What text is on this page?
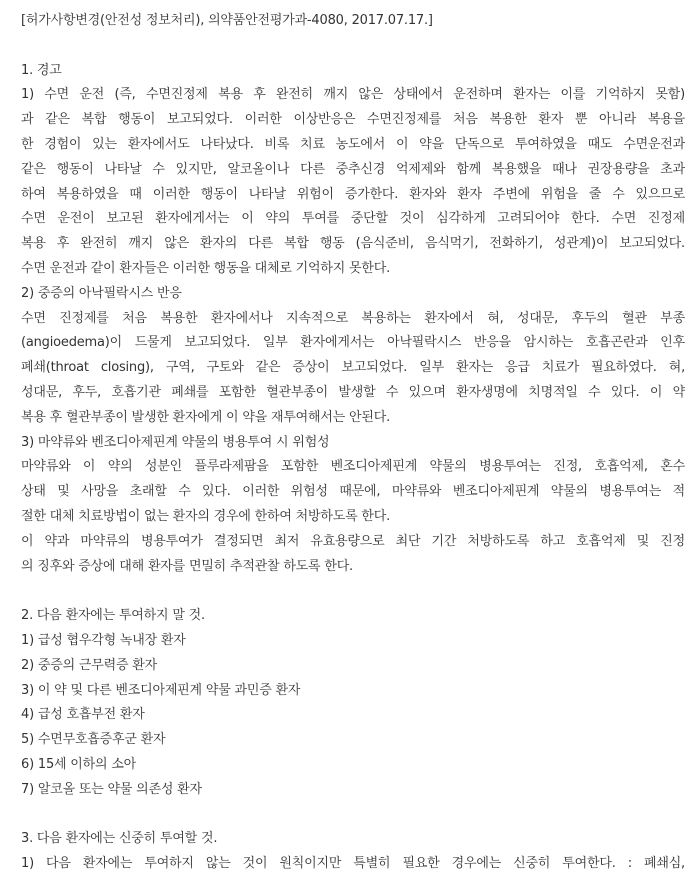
[허가사항변경(안전성 정보처리), 의약품안전평가과-4080, 2017.07.17.]
1. 경고
1) 수면 운전 (즉, 수면진정제 복용 후 완전히 깨지 않은 상태에서 운전하며 환자는 이를 기억하지 못함)
과 같은 복합 행동이 보고되었다. 이러한 이상반응은 수면진정제를 처음 복용한 환자 뿐 아니라 복용을
한 경험이 있는 환자에서도 나타났다. 비록 치료 농도에서 이 약을 단독으로 투여하였을 때도 수면운전과
같은 행동이 나타날 수 있지만, 알코올이나 다른 중추신경 억제제와 함께 복용했을 때나 권장용량을 초과
하여 복용하였을 때 이러한 행동이 나타날 위험이 증가한다. 환자와 환자 주변에 위험을 줄 수 있으므로
수면 운전이 보고된 환자에게서는 이 약의 투여를 중단할 것이 심각하게 고려되어야 한다. 수면 진정제
복용 후 완전히 깨지 않은 환자의 다른 복합 행동 (음식준비, 음식먹기, 전화하기, 성관계)이 보고되었다.
수면 운전과 같이 환자들은 이러한 행동을 대체로 기억하지 못한다.
2) 중증의 아낙필락시스 반응
수면 진정제를 처음 복용한 환자에서나 지속적으로 복용하는 환자에서 혀, 성대문, 후두의 혈관 부종
(angioedema)이 드물게 보고되었다. 일부 환자에게서는 아낙필락시스 반응을 암시하는 호흡곤란과 인후
폐쇄(throat closing), 구역, 구토와 같은 증상이 보고되었다. 일부 환자는 응급 치료가 필요하였다. 혀,
성대문, 후두, 호흡기관 폐쇄를 포함한 혈관부종이 발생할 수 있으며 환자생명에 치명적일 수 있다. 이 약
복용 후 혈관부종이 발생한 환자에게 이 약을 재투여해서는 안된다.
3) 마약류와 벤조디아제핀계 약물의 병용투여 시 위험성
마약류와 이 약의 성분인 플루라제팜을 포함한 벤조디아제핀계 약물의 병용투여는 진정, 호흡억제, 혼수
상태 및 사망을 초래할 수 있다. 이러한 위험성 때문에, 마약류와 벤조디아제핀계 약물의 병용투여는 적
절한 대체 치료방법이 없는 환자의 경우에 한하여 처방하도록 한다.
이 약과 마약류의 병용투여가 결정되면 최저 유효용량으로 최단 기간 처방하도록 하고 호흡억제 및 진정
의 징후와 증상에 대해 환자를 면밀히 추적관찰 하도록 한다.
2. 다음 환자에는 투여하지 말 것.
1) 급성 협우각형 녹내장 환자
2) 중증의 근무력증 환자
3) 이 약 및 다른 벤조디아제핀계 약물 과민증 환자
4) 급성 호흡부전 환자
5) 수면무호흡증후군 환자
6) 15세 이하의 소아
7) 알코올 또는 약물 의존성 환자
3. 다음 환자에는 신중히 투여할 것.
1) 다음 환자에는 투여하지 않는 것이 원칙이지만 특별히 필요한 경우에는 신중히 투여한다. : 폐쇄심,
